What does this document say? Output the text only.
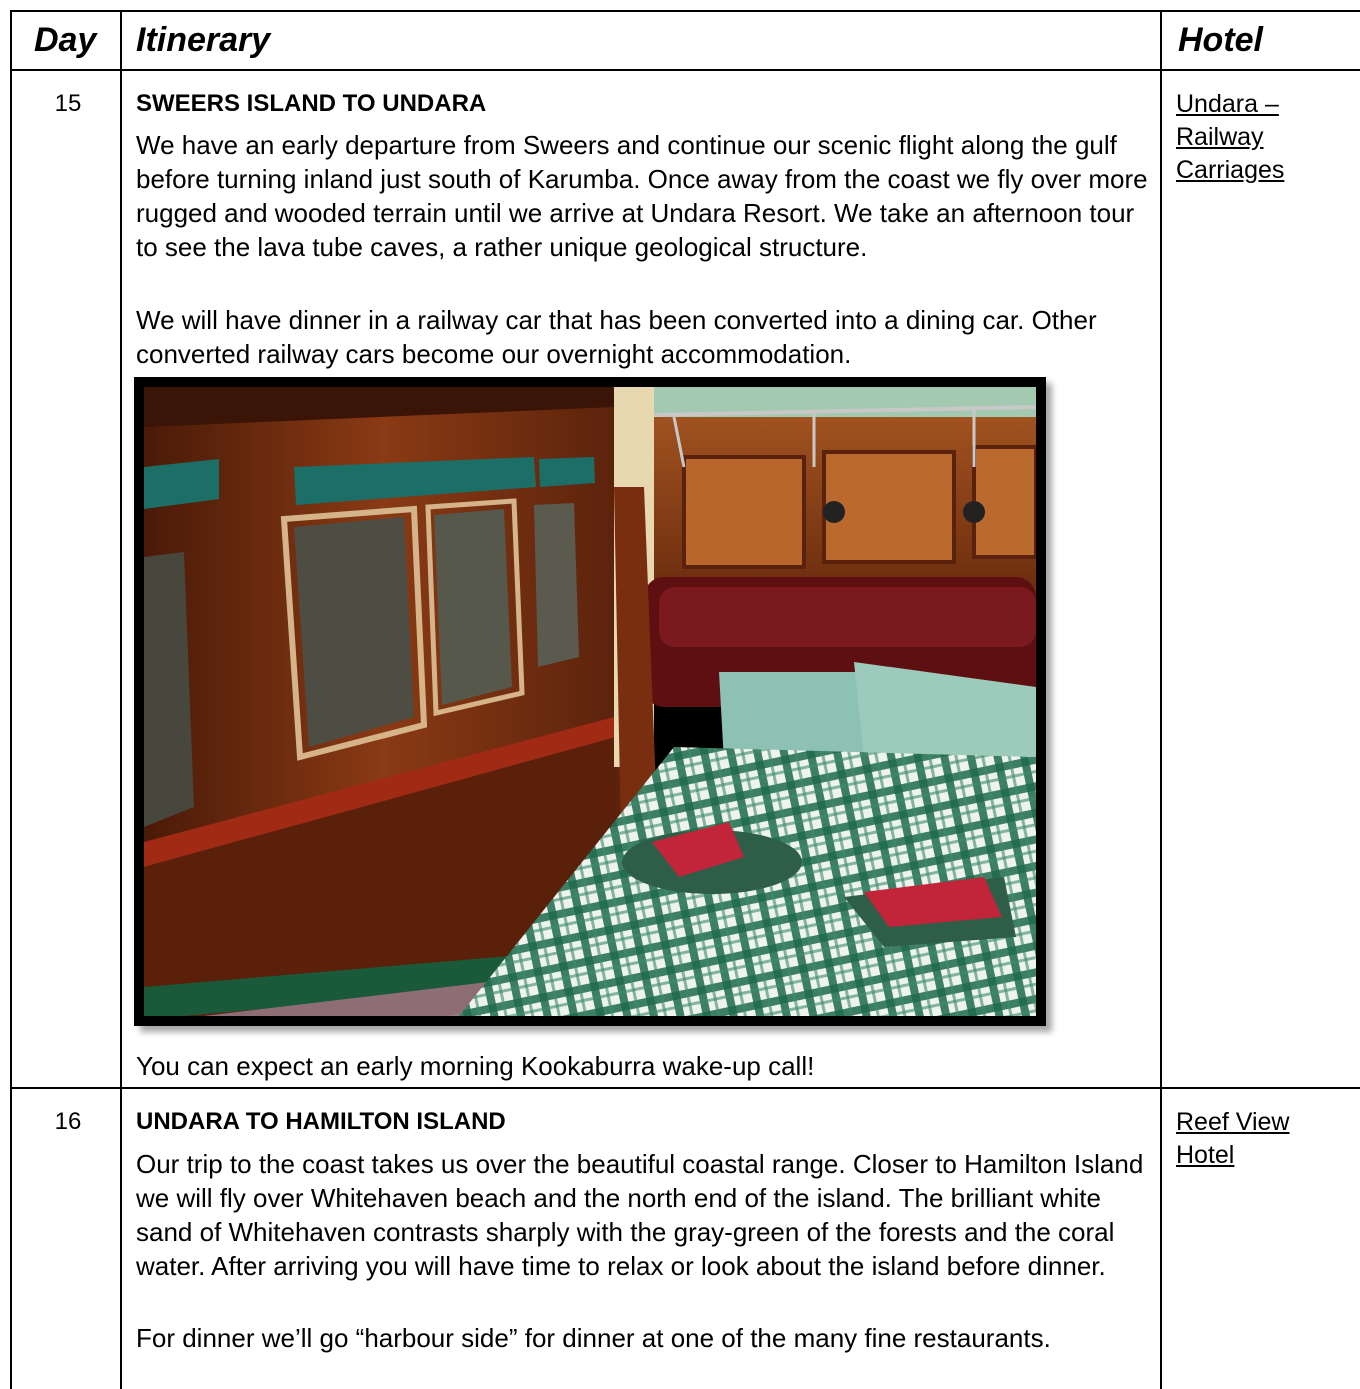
Day Itinerary	Hotel
15 SWEERS ISLAND TO UNDARA

We have an early departure from Sweers and continue our scenic flight along the gulf before turning inland just south of Karumba. Once away from the coast we fly over more rugged and wooded terrain until we arrive at Undara Resort. We take an afternoon tour to see the lava tube caves, a rather unique geological structure.

We will have dinner in a railway car that has been converted into a dining car. Other converted railway cars become our overnight accommodation.

Undara – Railway Carriages

You can expect an early morning Kookaburra wake-up call!

16 UNDARA TO HAMILTON ISLAND

Our trip to the coast takes us over the beautiful coastal range. Closer to Hamilton Island we will fly over Whitehaven beach and the north end of the island. The brilliant white sand of Whitehaven contrasts sharply with the gray-green of the forests and the coral water. After arriving you will have time to relax or look about the island before dinner.

For dinner we’ll go “harbour side” for dinner at one of the many fine restaurants.

Reef View Hotel
